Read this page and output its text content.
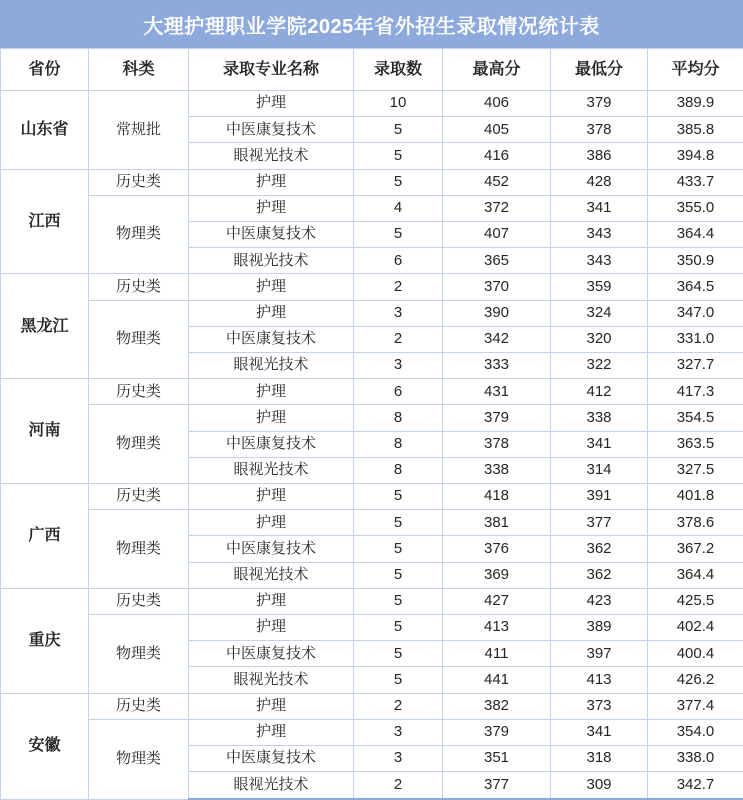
大理护理职业学院2025年省外招生录取情况统计表
省份	科类	录取专业名称	录取数	最高分	最低分	平均分
山东省	常规批	护理	10	406	379	389.9
		中医康复技术	5	405	378	385.8
		眼视光技术	5	416	386	394.8
江西	历史类	护理	5	452	428	433.7
	物理类	护理	4	372	341	355.0
		中医康复技术	5	407	343	364.4
		眼视光技术	6	365	343	350.9
黑龙江	历史类	护理	2	370	359	364.5
	物理类	护理	3	390	324	347.0
		中医康复技术	2	342	320	331.0
		眼视光技术	3	333	322	327.7
河南	历史类	护理	6	431	412	417.3
	物理类	护理	8	379	338	354.5
		中医康复技术	8	378	341	363.5
		眼视光技术	8	338	314	327.5
广西	历史类	护理	5	418	391	401.8
	物理类	护理	5	381	377	378.6
		中医康复技术	5	376	362	367.2
		眼视光技术	5	369	362	364.4
重庆	历史类	护理	5	427	423	425.5
	物理类	护理	5	413	389	402.4
		中医康复技术	5	411	397	400.4
		眼视光技术	5	441	413	426.2
安徽	历史类	护理	2	382	373	377.4
	物理类	护理	3	379	341	354.0
		中医康复技术	3	351	318	338.0
		眼视光技术	2	377	309	342.7
